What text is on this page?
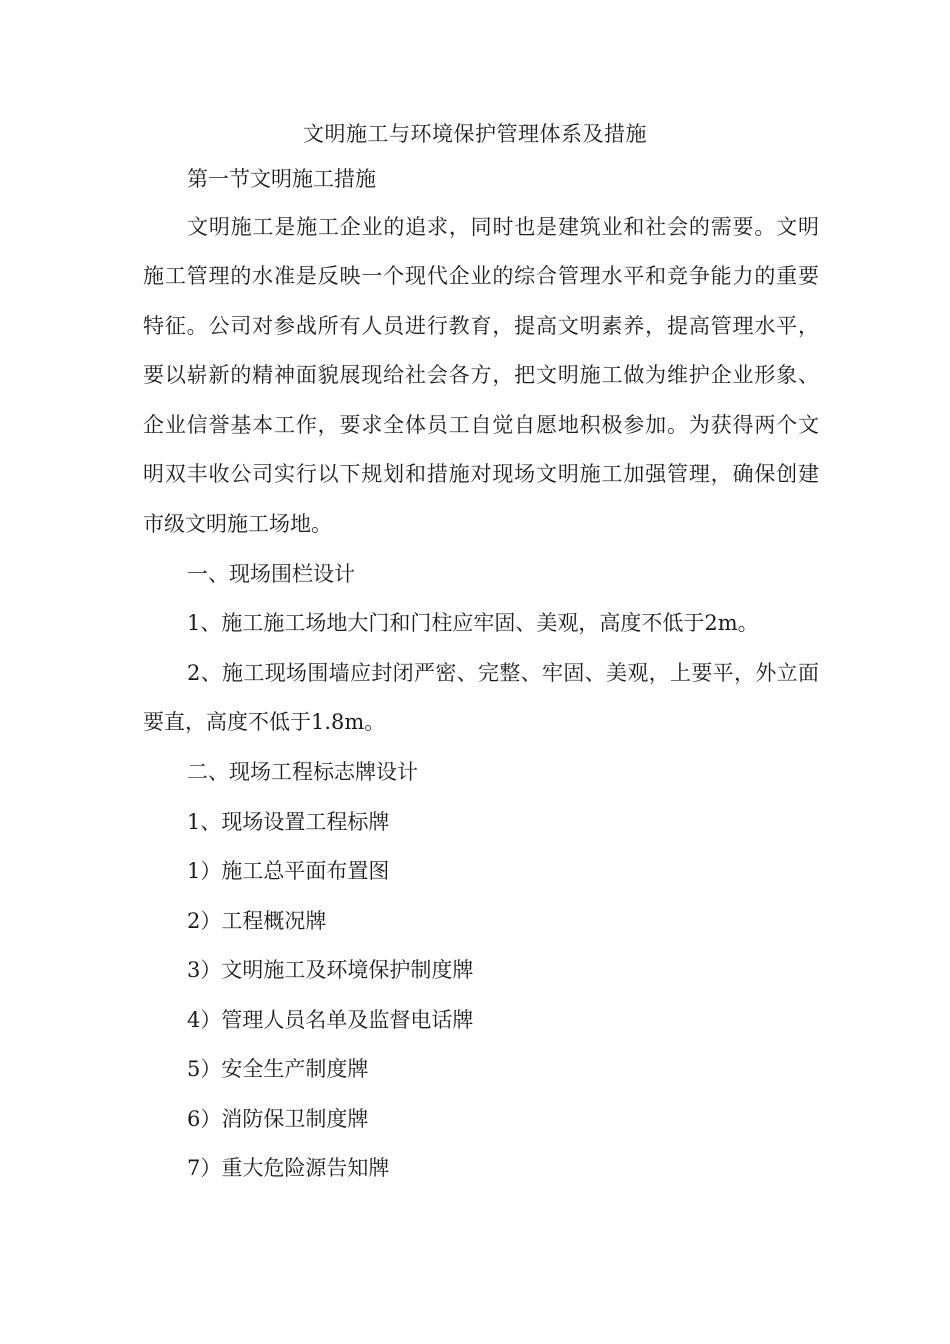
文明施工与环境保护管理体系及措施
第一节文明施工措施
文明施工是施工企业的追求，同时也是建筑业和社会的需要。文明
施工管理的水准是反映一个现代企业的综合管理水平和竞争能力的重要
特征。公司对参战所有人员进行教育，提高文明素养，提高管理水平，
要以崭新的精神面貌展现给社会各方，把文明施工做为维护企业形象、
企业信誉基本工作，要求全体员工自觉自愿地积极参加。为获得两个文
明双丰收公司实行以下规划和措施对现场文明施工加强管理，确保创建
市级文明施工场地。
一、现场围栏设计
1、施工施工场地大门和门柱应牢固、美观，高度不低于2m。
2、施工现场围墙应封闭严密、完整、牢固、美观，上要平，外立面
要直，高度不低于1.8m。
二、现场工程标志牌设计
1、现场设置工程标牌
1）施工总平面布置图
2）工程概况牌
3）文明施工及环境保护制度牌
4）管理人员名单及监督电话牌
5）安全生产制度牌
6）消防保卫制度牌
7）重大危险源告知牌
